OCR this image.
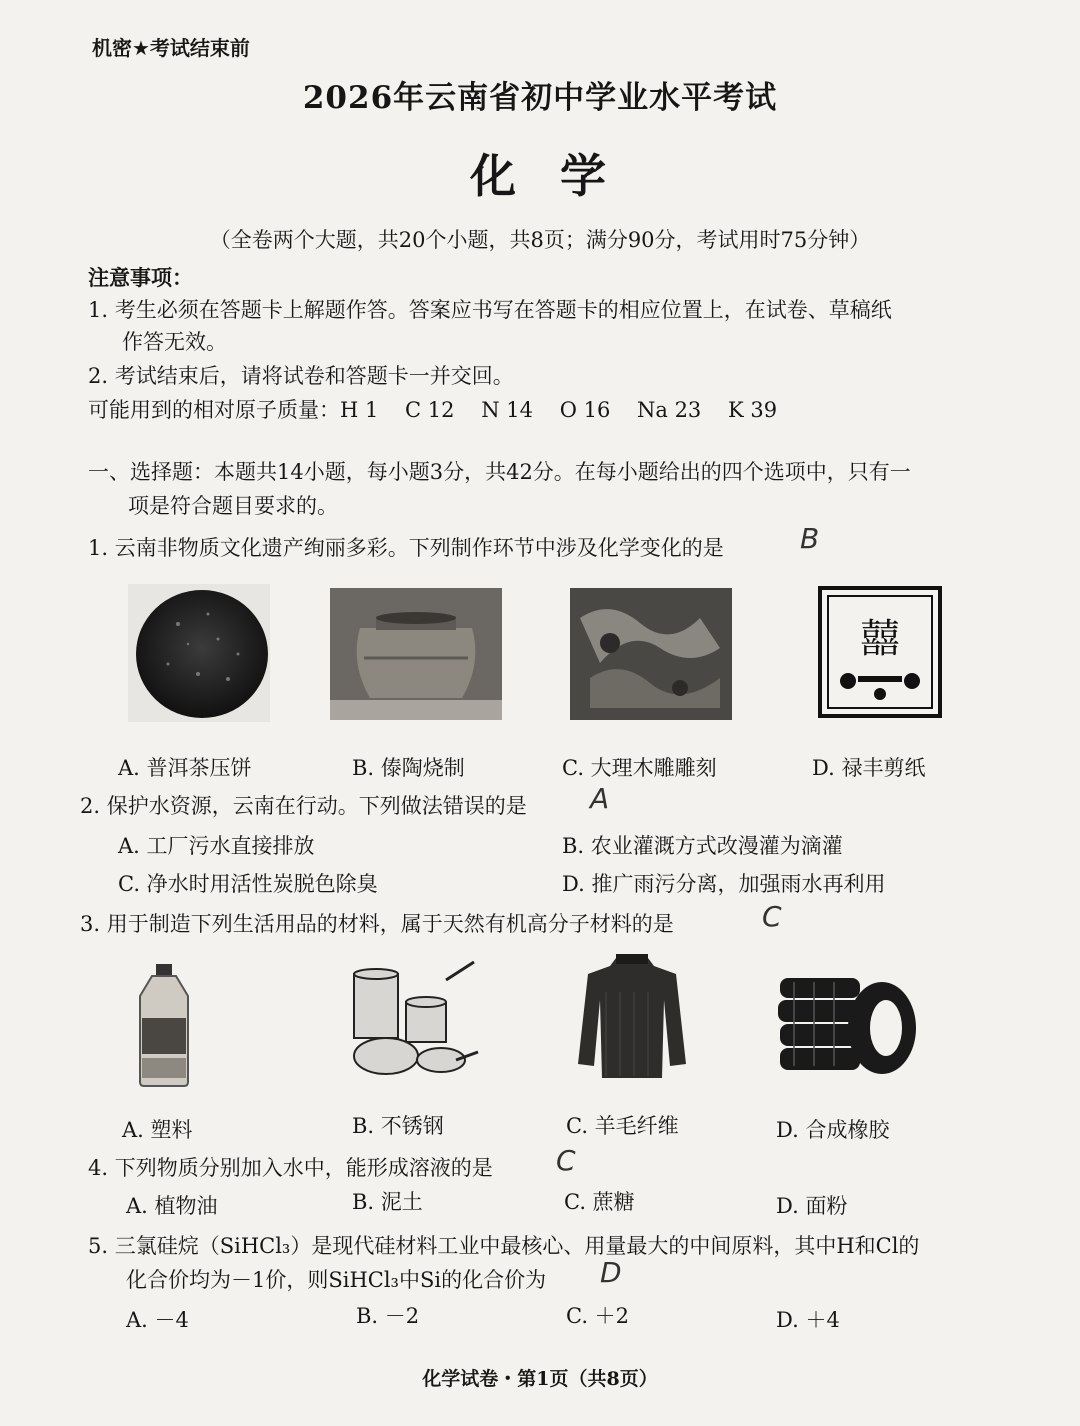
机密★考试结束前
2026年云南省初中学业水平考试
化学
（全卷两个大题，共20个小题，共8页；满分90分，考试用时75分钟）
注意事项：
1. 考生必须在答题卡上解题作答。答案应书写在答题卡的相应位置上，在试卷、草稿纸
作答无效。
2. 考试结束后，请将试卷和答题卡一并交回。
可能用到的相对原子质量：H 1    C 12    N 14    O 16    Na 23    K 39
一、选择题：本题共14小题，每小题3分，共42分。在每小题给出的四个选项中，只有一
项是符合题目要求的。
1. 云南非物质文化遗产绚丽多彩。下列制作环节中涉及化学变化的是	B
囍
A. 普洱茶压饼	B. 傣陶烧制	C. 大理木雕雕刻	D. 禄丰剪纸
2. 保护水资源，云南在行动。下列做法错误的是 A
A. 工厂污水直接排放	B. 农业灌溉方式改漫灌为滴灌
C. 净水时用活性炭脱色除臭	D. 推广雨污分离，加强雨水再利用
3. 用于制造下列生活用品的材料，属于天然有机高分子材料的是	C
A. 塑料	B. 不锈钢	C. 羊毛纤维	D. 合成橡胶
4. 下列物质分别加入水中，能形成溶液的是 C
A. 植物油	B. 泥土	C. 蔗糖	D. 面粉
5. 三氯硅烷（SiHCl₃）是现代硅材料工业中最核心、用量最大的中间原料，其中H和Cl的
化合价均为－1价，则SiHCl₃中Si的化合价为 D
A. －4	B. －2	C. ＋2	D. ＋4
化学试卷・第1页（共8页）
